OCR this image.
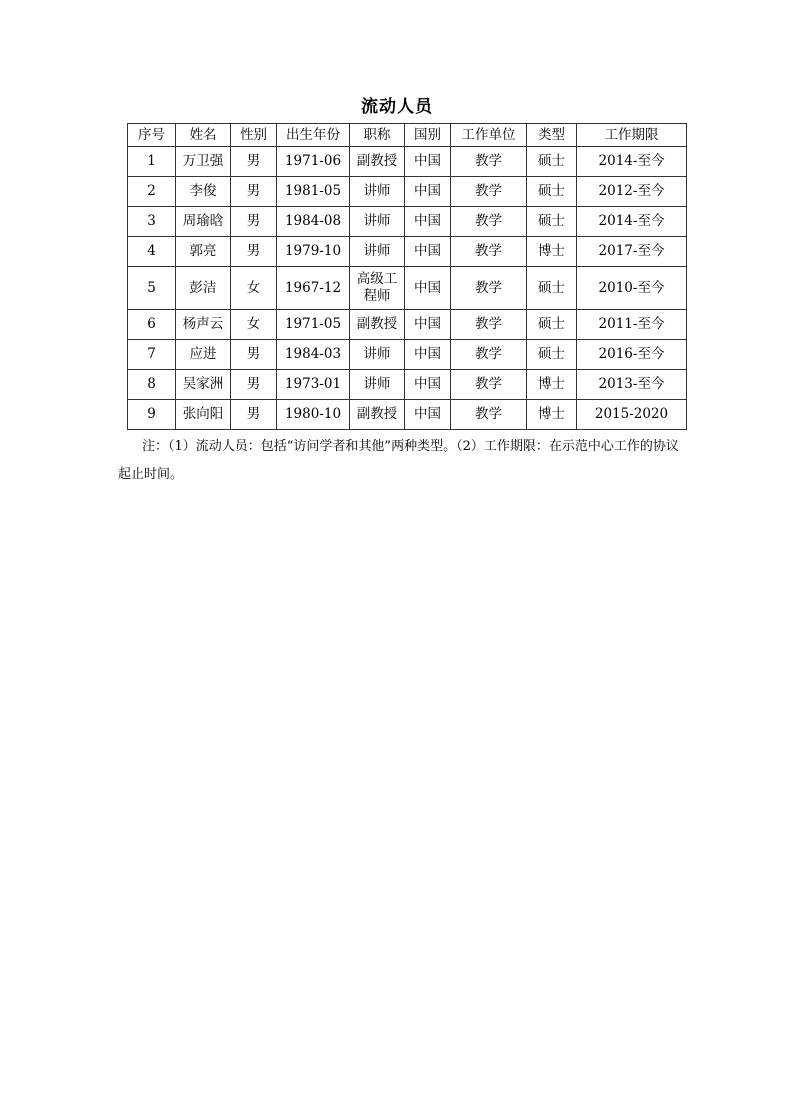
流动人员
序号	姓名	性别	出生年份	职称	国别	工作单位	类型	工作期限
1	万卫强	男	1971-06	副教授	中国	教学	硕士	2014-至今
2	李俊	男	1981-05	讲师	中国	教学	硕士	2012-至今
3	周瑜晗	男	1984-08	讲师	中国	教学	硕士	2014-至今
4	郭亮	男	1979-10	讲师	中国	教学	博士	2017-至今
5	彭洁	女	1967-12	高级工程师	中国	教学	硕士	2010-至今
6	杨声云	女	1971-05	副教授	中国	教学	硕士	2011-至今
7	应进	男	1984-03	讲师	中国	教学	硕士	2016-至今
8	吴家洲	男	1973-01	讲师	中国	教学	博士	2013-至今
9	张向阳	男	1980-10	副教授	中国	教学	博士	2015-2020
注：（1）流动人员：包括“访问学者和其他”两种类型。（2）工作期限：在示范中心工作的协议起止时间。
